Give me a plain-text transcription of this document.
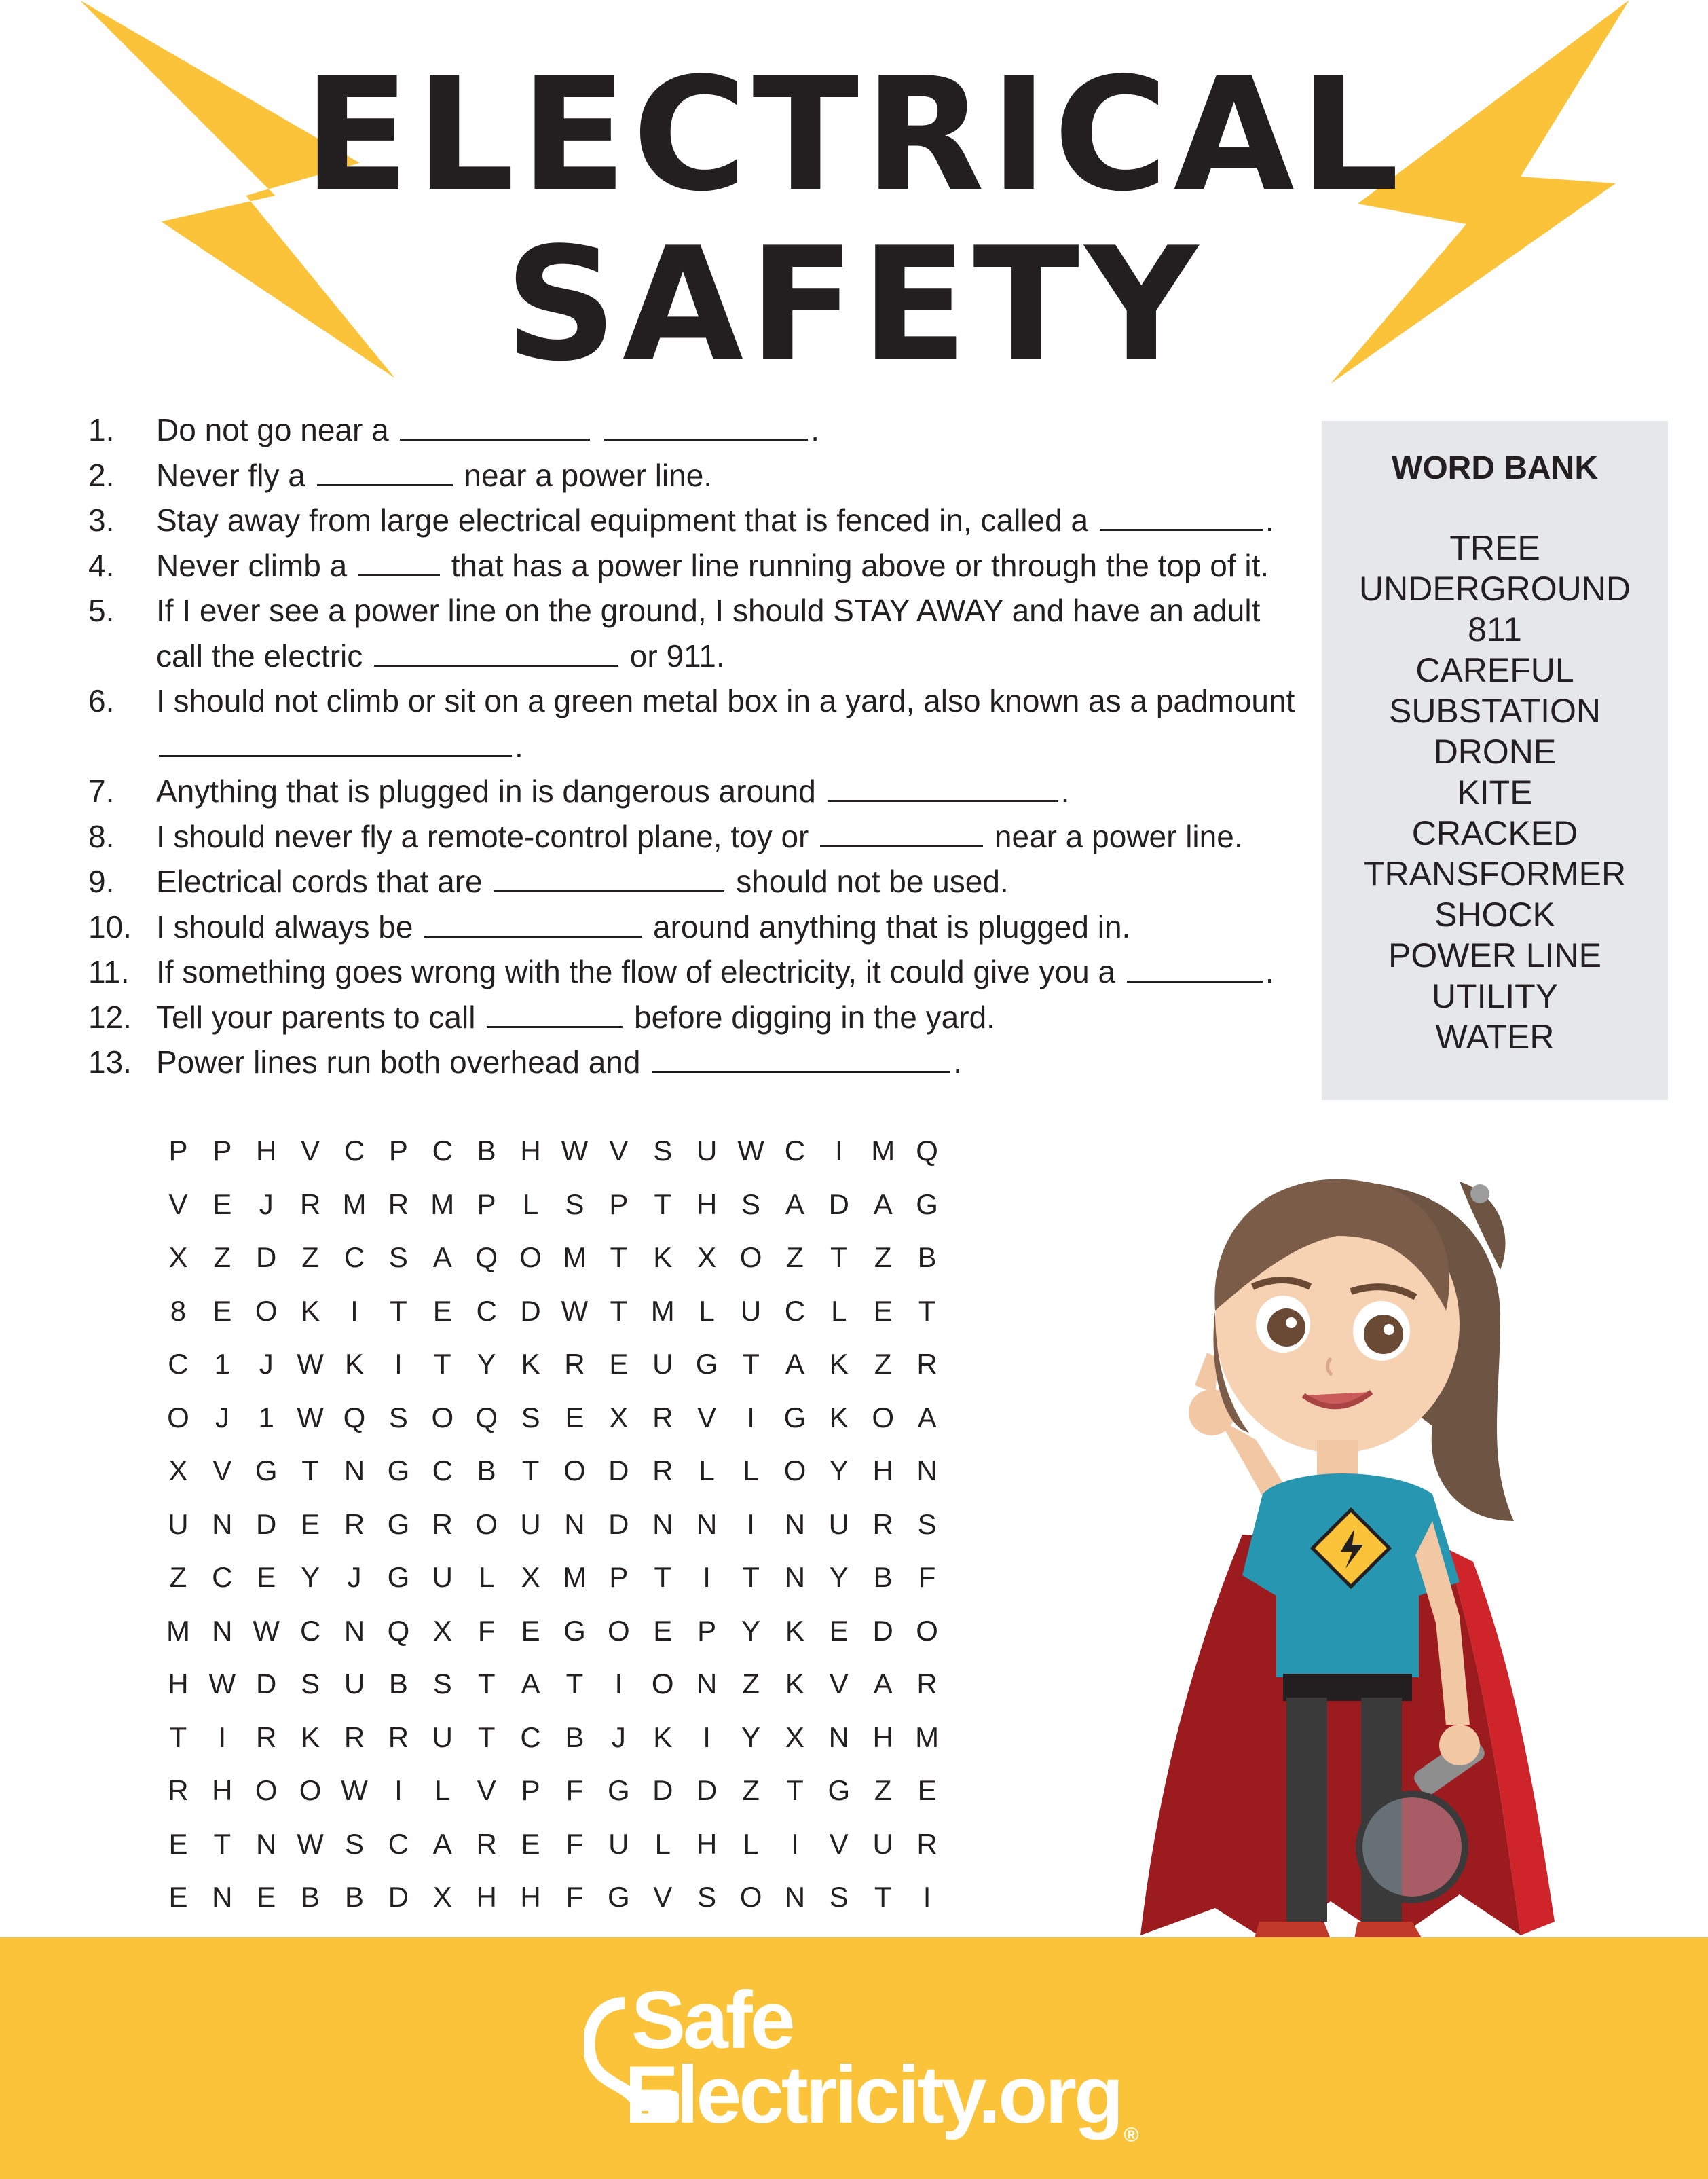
ELECTRICAL
SAFETY
1.	Do not go near a	.
2.	Never fly a	near a power line.
3.	Stay away from large electrical equipment that is fenced in, called a	.
4.	Never climb a	that has a power line running above or through the top of it.
5.	If I ever see a power line on the ground, I should STAY AWAY and have an adult call the electric	or 911.
6.	I should not climb or sit on a green metal box in a yard, also known as a padmount .
7.	Anything that is plugged in is dangerous around	.
8.	I should never fly a remote-control plane, toy or	near a power line.
9.	Electrical cords that are	should not be used.
10. I should always be	around anything that is plugged in.
11. If something goes wrong with the flow of electricity, it could give you a	.
12. Tell your parents to call	before digging in the yard.
13. Power lines run both overhead and	.
WORD BANK
TREE
UNDERGROUND
811
CAREFUL
SUBSTATION
DRONE
KITE
CRACKED
TRANSFORMER
SHOCK
POWER LINE
UTILITY
WATER
P P H V C P C B H W V S U W C	I M Q
V E J R M R M P L S P T H S A D A G
X Z D Z C S A Q O M T K X O Z T Z B
8 E O K	I	T E C D W T M L U C L E T
C 1	J W K	I	T Y K R E U G T A K Z R
O J	1 W Q S O Q S E X R V	I	G K O A
X V G T N G C B T O D R L L O Y H N
U N D E R G R O U N D N N	I	N U R S
Z C E Y J G U L X M P T	I	T N Y B F
M N W C N Q X F E G O E P Y K E D O
H W D S U B S T A T	I	O N Z K V A R
T	I	R K R R U T C B J K	I	Y X N H M
R H O O W I	L V P F G D D Z T G Z E
E T N W S C A R E F U L H L	I	V U R
E N E B B D X H H F G V S O N S T	I
Safe
Electricity.org ®
